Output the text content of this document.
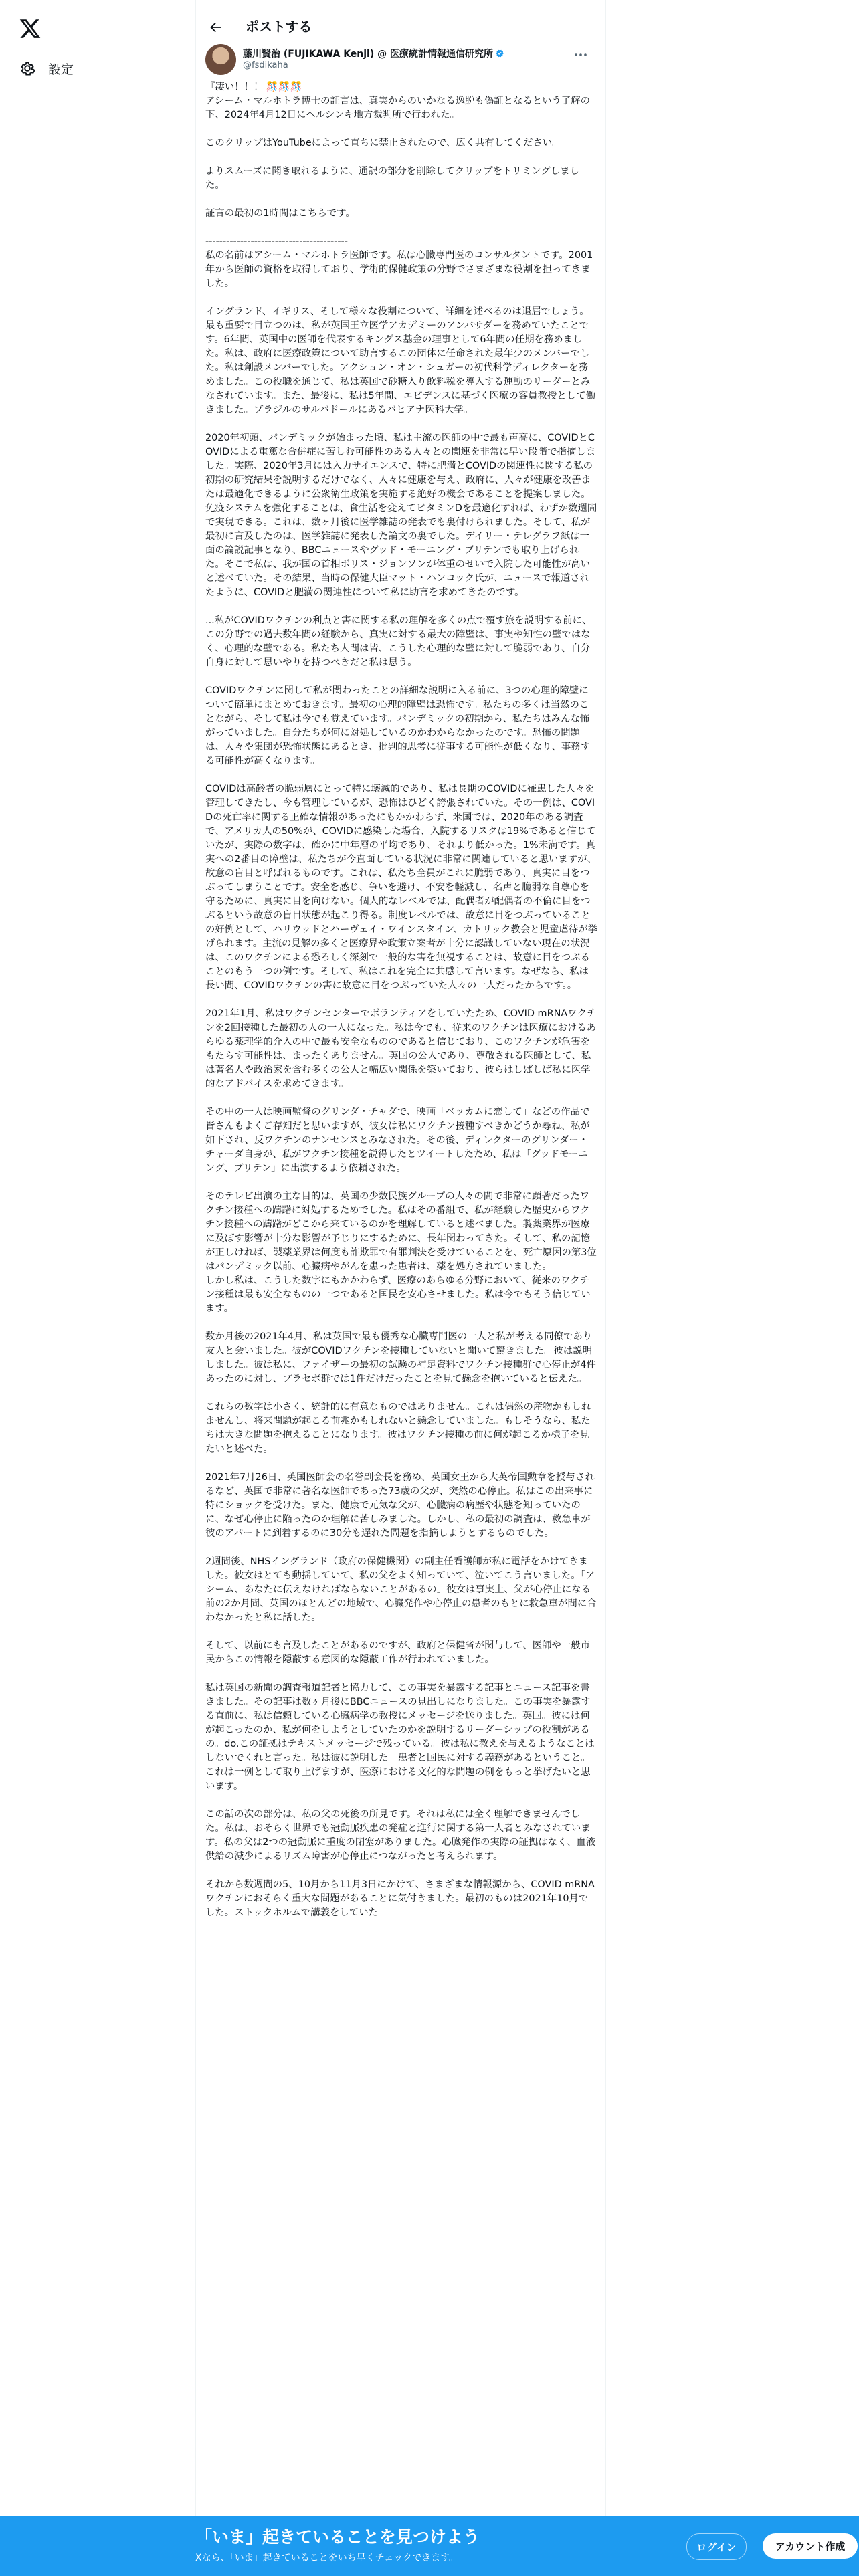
設定
ポストする
藤川賢治 (FUJIKAWA Kenji) @ 医療統計情報通信研究所
@fsdikaha

『凄い！！！ 🎊🎊🎊
アシーム・マルホトラ博士の証言は、真実からのいかなる逸脱も偽証となるという了解の下、2024年4月12日にヘルシンキ地方裁判所で行われた。

このクリップはYouTubeによって直ちに禁止されたので、広く共有してください。

よりスムーズに聞き取れるように、通訳の部分を削除してクリップをトリミングしました。

証言の最初の1時間はこちらです。

-----------------------------------------
私の名前はアシーム・マルホトラ医師です。私は心臓専門医のコンサルタントです。2001年から医師の資格を取得しており、学術的保健政策の分野でさまざまな役割を担ってきました。

イングランド、イギリス、そして様々な役割について、詳細を述べるのは退屈でしょう。最も重要で目立つのは、私が英国王立医学アカデミーのアンバサダーを務めていたことです。6年間、英国中の医師を代表するキングス基金の理事として6年間の任期を務めました。私は、政府に医療政策について助言するこの団体に任命された最年少のメンバーでした。私は創設メンバーでした。アクション・オン・シュガーの初代科学ディレクターを務めました。この役職を通じて、私は英国で砂糖入り飲料税を導入する運動のリーダーとみなされています。また、最後に、私は5年間、エビデンスに基づく医療の客員教授として働きました。ブラジルのサルバドールにあるバヒアナ医科大学。

2020年初頭、パンデミックが始まった頃、私は主流の医師の中で最も声高に、COVIDとCOVIDによる重篤な合併症に苦しむ可能性のある人々との関連を非常に早い段階で指摘しました。実際、2020年3月には入力サイエンスで、特に肥満とCOVIDの関連性に関する私の初期の研究結果を説明するだけでなく、人々に健康を与え、政府に、人々が健康を改善または最適化できるように公衆衛生政策を実施する絶好の機会であることを提案しました。免疫システムを強化することは、食生活を変えてビタミンDを最適化すれば、わずか数週間で実現できる。これは、数ヶ月後に医学雑誌の発表でも裏付けられました。そして、私が最初に言及したのは、医学雑誌に発表した論文の裏でした。デイリー・テレグラフ紙は一面の論説記事となり、BBCニュースやグッド・モーニング・ブリテンでも取り上げられた。そこで私は、我が国の首相ボリス・ジョンソンが体重のせいで入院した可能性が高いと述べていた。その結果、当時の保健大臣マット・ハンコック氏が、ニュースで報道されたように、COVIDと肥満の関連性について私に助言を求めてきたのです。

...私がCOVIDワクチンの利点と害に関する私の理解を多くの点で覆す旅を説明する前に、この分野での過去数年間の経験から、真実に対する最大の障壁は、事実や知性の壁ではなく、心理的な壁である。私たち人間は皆、こうした心理的な壁に対して脆弱であり、自分自身に対して思いやりを持つべきだと私は思う。

COVIDワクチンに関して私が関わったことの詳細な説明に入る前に、3つの心理的障壁について簡単にまとめておきます。最初の心理的障壁は恐怖です。私たちの多くは当然のことながら、そして私は今でも覚えています。パンデミックの初期から、私たちはみんな怖がっていました。自分たちが何に対処しているのかわからなかったのです。恐怖の問題は、人々や集団が恐怖状態にあるとき、批判的思考に従事する可能性が低くなり、事務する可能性が高くなります。

COVIDは高齢者の脆弱層にとって特に壊滅的であり、私は長期のCOVIDに罹患した人々を管理してきたし、今も管理しているが、恐怖はひどく誇張されていた。その一例は、COVIDの死亡率に関する正確な情報があったにもかかわらず、米国では、2020年のある調査で、アメリカ人の50%が、COVIDに感染した場合、入院するリスクは19%であると信じていたが、実際の数字は、確かに中年層の平均であり、それより低かった。1%未満です。真実への2番目の障壁は、私たちが今直面している状況に非常に関連していると思いますが、故意の盲目と呼ばれるものです。これは、私たち全員がこれに脆弱であり、真実に目をつぶってしまうことです。安全を感じ、争いを避け、不安を軽減し、名声と脆弱な自尊心を守るために、真実に目を向けない。個人的なレベルでは、配偶者が配偶者の不倫に目をつぶるという故意の盲目状態が起こり得る。制度レベルでは、故意に目をつぶっていることの好例として、ハリウッドとハーヴェイ・ワインスタイン、カトリック教会と児童虐待が挙げられます。主流の見解の多くと医療界や政策立案者が十分に認識していない現在の状況は、このワクチンによる恐ろしく深刻で一般的な害を無視することは、故意に目をつぶることのもう一つの例です。そして、私はこれを完全に共感して言います。なぜなら、私は長い間、COVIDワクチンの害に故意に目をつぶっていた人々の一人だったからです。。

2021年1月、私はワクチンセンターでボランティアをしていたため、COVID mRNAワクチンを2回接種した最初の人の一人になった。私は今でも、従来のワクチンは医療におけるあらゆる薬理学的介入の中で最も安全なもののであると信じており、このワクチンが危害をもたらす可能性は、まったくありません。英国の公人であり、尊敬される医師として、私は著名人や政治家を含む多くの公人と幅広い関係を築いており、彼らはしばしば私に医学的なアドバイスを求めてきます。

その中の一人は映画監督のグリンダ・チャダで、映画「ベッカムに恋して」などの作品で皆さんもよくご存知だと思いますが、彼女は私にワクチン接種すべきかどうか尋ね、私が如下され、反ワクチンのナンセンスとみなされた。その後、ディレクターのグリンダー・チャーダ自身が、私がワクチン接種を説得したとツイートしたため、私は「グッドモーニング、ブリテン」に出演するよう依頼された。

そのテレビ出演の主な目的は、英国の少数民族グループの人々の間で非常に顕著だったワクチン接種への躊躇に対処するためでした。私はその番組で、私が経験した歴史からワクチン接種への躊躇がどこから来ているのかを理解していると述べました。製薬業界が医療に及ぼす影響が十分な影響が予じりにするために、長年関わってきた。そして、私の記憶が正しければ、製薬業界は何度も詐欺罪で有罪判決を受けていることを、死亡原因の第3位はパンデミック以前、心臓病やがんを患った患者は、薬を処方されていました。
しかし私は、こうした数字にもかかわらず、医療のあらゆる分野において、従来のワクチン接種は最も安全なものの一つであると国民を安心させました。私は今でもそう信じています。

数か月後の2021年4月、私は英国で最も優秀な心臓専門医の一人と私が考える同僚であり友人と会いました。彼がCOVIDワクチンを接種していないと聞いて驚きました。彼は説明しました。彼は私に、ファイザーの最初の試験の補足資料でワクチン接種群で心停止が4件あったのに対し、プラセボ群では1件だけだったことを見て懸念を抱いていると伝えた。

これらの数字は小さく、統計的に有意なものではありません。これは偶然の産物かもしれませんし、将来問題が起こる前兆かもしれないと懸念していました。もしそうなら、私たちは大きな問題を抱えることになります。彼はワクチン接種の前に何が起こるか様子を見たいと述べた。

2021年7月26日、英国医師会の名誉副会長を務め、英国女王から大英帝国勲章を授与されるなど、英国で非常に著名な医師であった73歳の父が、突然の心停止。私はこの出来事に特にショックを受けた。また、健康で元気な父が、心臓病の病歴や状態を知っていたのに、なぜ心停止に陥ったのか理解に苦しみました。しかし、私の最初の調査は、救急車が彼のアパートに到着するのに30分も遅れた問題を指摘しようとするものでした。

2週間後、NHSイングランド（政府の保健機関）の副主任看護師が私に電話をかけてきました。彼女はとても動揺していて、私の父をよく知っていて、泣いてこう言いました。「アシーム、あなたに伝えなければならないことがあるの」彼女は事実上、父が心停止になる前の2か月間、英国のほとんどの地域で、心臓発作や心停止の患者のもとに救急車が間に合わなかったと私に話した。

そして、以前にも言及したことがあるのですが、政府と保健省が関与して、医師や一般市民からこの情報を隠蔽する意図的な隠蔽工作が行われていました。

私は英国の新聞の調査報道記者と協力して、この事実を暴露する記事とニュース記事を書きました。その記事は数ヶ月後にBBCニュースの見出しになりました。この事実を暴露する直前に、私は信頼している心臓病学の教授にメッセージを送りました。英国。彼には何が起こったのか、私が何をしようとしていたのかを説明するリーダーシップの役割があるの。do.この証拠はテキストメッセージで残っている。彼は私に教えを与えるようなことはしないでくれと言った。私は彼に説明した。患者と国民に対する義務があるということ。これは一例として取り上げますが、医療における文化的な問題の例をもっと挙げたいと思います。

この話の次の部分は、私の父の死後の所見です。それは私には全く理解できませんでした。私は、おそらく世界でも冠動脈疾患の発症と進行に関する第一人者とみなされています。私の父は2つの冠動脈に重度の閉塞がありました。心臓発作の実際の証拠はなく、血液供給の減少によるリズム障害が心停止につながったと考えられます。

それから数週間の5、10月から11月3日にかけて、さまざまな情報源から、COVID mRNAワクチンにおそらく重大な問題があることに気付きました。最初のものは2021年10月でした。ストックホルムで講義をしていた

「いま」起きていることを見つけよう
Xなら、「いま」起きていることをいち早くチェックできます。
ログイン	アカウント作成
